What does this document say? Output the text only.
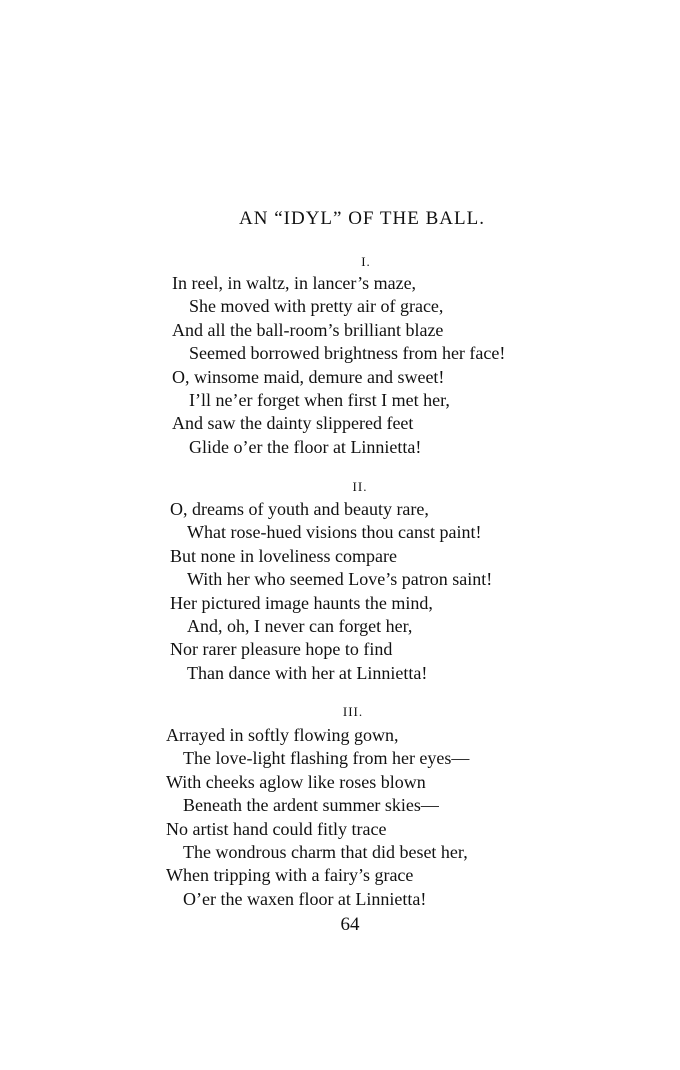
AN “IDYL” OF THE BALL.

I.

In reel, in waltz, in lancer’s maze,
She moved with pretty air of grace,
And all the ball-room’s brilliant blaze
Seemed borrowed brightness from her face!
O, winsome maid, demure and sweet!
I’ll ne’er forget when first I met her,
And saw the dainty slippered feet
Glide o’er the floor at Linnietta!

II.

O, dreams of youth and beauty rare,
What rose-hued visions thou canst paint!
But none in loveliness compare
With her who seemed Love’s patron saint!
Her pictured image haunts the mind,
And, oh, I never can forget her,
Nor rarer pleasure hope to find
Than dance with her at Linnietta!

III.

Arrayed in softly flowing gown,
The love-light flashing from her eyes—
With cheeks aglow like roses blown
Beneath the ardent summer skies—
No artist hand could fitly trace
The wondrous charm that did beset her,
When tripping with a fairy’s grace
O’er the waxen floor at Linnietta!

64
